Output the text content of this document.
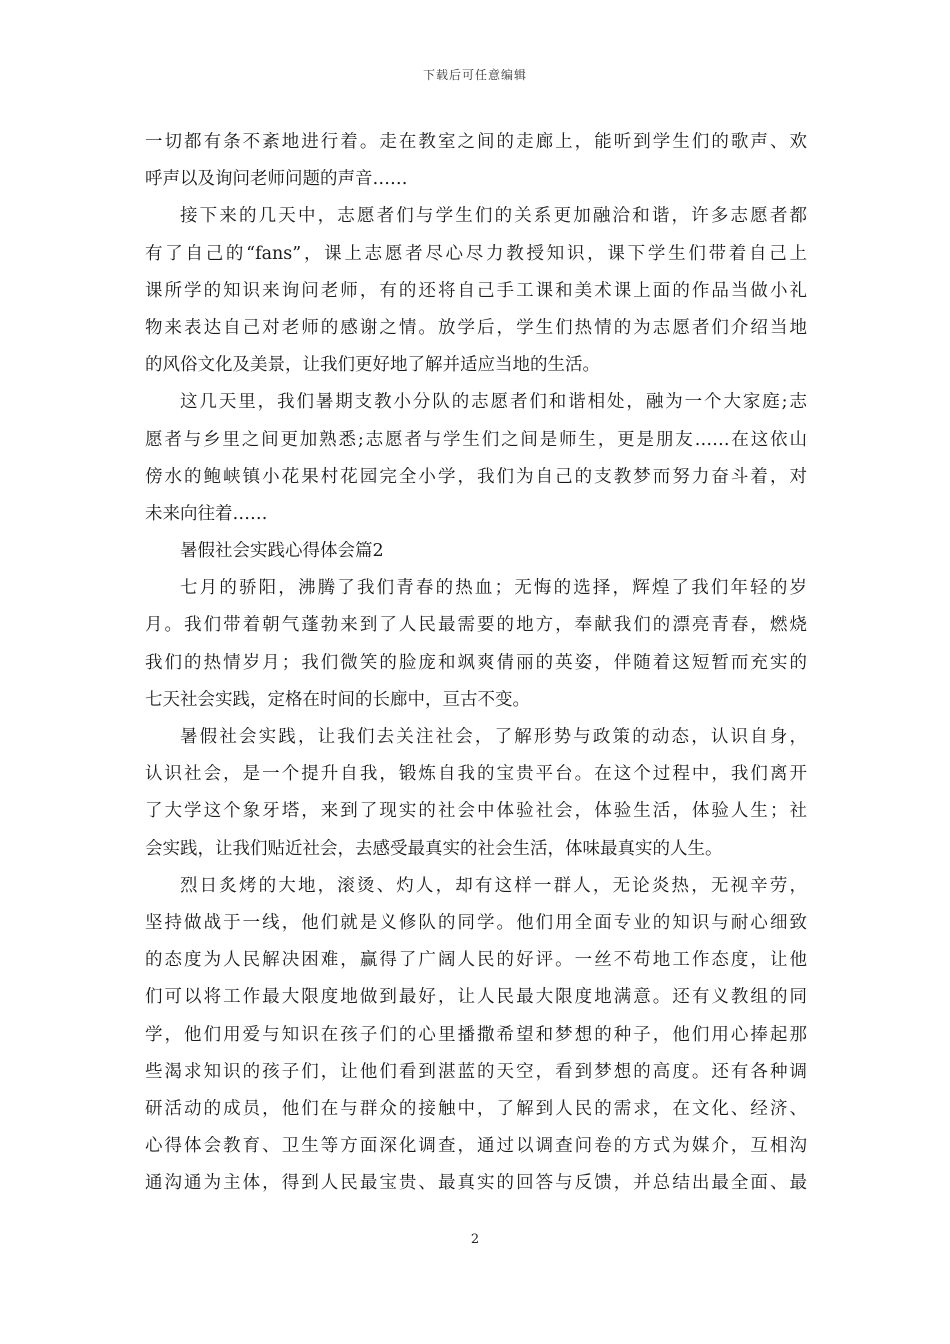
下载后可任意编辑
一切都有条不紊地进行着。走在教室之间的走廊上，能听到学生们的歌声、欢
呼声以及询问老师问题的声音……
接下来的几天中，志愿者们与学生们的关系更加融洽和谐，许多志愿者都
有了自己的“fans”，课上志愿者尽心尽力教授知识，课下学生们带着自己上
课所学的知识来询问老师，有的还将自己手工课和美术课上面的作品当做小礼
物来表达自己对老师的感谢之情。放学后，学生们热情的为志愿者们介绍当地
的风俗文化及美景，让我们更好地了解并适应当地的生活。
这几天里，我们暑期支教小分队的志愿者们和谐相处，融为一个大家庭;志
愿者与乡里之间更加熟悉;志愿者与学生们之间是师生，更是朋友……在这依山
傍水的鲍峡镇小花果村花园完全小学，我们为自己的支教梦而努力奋斗着，对
未来向往着……
暑假社会实践心得体会篇2
七月的骄阳，沸腾了我们青春的热血；无悔的选择，辉煌了我们年轻的岁
月。我们带着朝气蓬勃来到了人民最需要的地方，奉献我们的漂亮青春，燃烧
我们的热情岁月；我们微笑的脸庞和飒爽倩丽的英姿，伴随着这短暂而充实的
七天社会实践，定格在时间的长廊中，亘古不变。
暑假社会实践，让我们去关注社会，了解形势与政策的动态，认识自身，
认识社会，是一个提升自我，锻炼自我的宝贵平台。在这个过程中，我们离开
了大学这个象牙塔，来到了现实的社会中体验社会，体验生活，体验人生；社
会实践，让我们贴近社会，去感受最真实的社会生活，体味最真实的人生。
烈日炙烤的大地，滚烫、灼人，却有这样一群人，无论炎热，无视辛劳，
坚持做战于一线，他们就是义修队的同学。他们用全面专业的知识与耐心细致
的态度为人民解决困难，赢得了广阔人民的好评。一丝不苟地工作态度，让他
们可以将工作最大限度地做到最好，让人民最大限度地满意。还有义教组的同
学，他们用爱与知识在孩子们的心里播撒希望和梦想的种子，他们用心捧起那
些渴求知识的孩子们，让他们看到湛蓝的天空，看到梦想的高度。还有各种调
研活动的成员，他们在与群众的接触中，了解到人民的需求，在文化、经济、
心得体会教育、卫生等方面深化调查，通过以调查问卷的方式为媒介，互相沟
通沟通为主体，得到人民最宝贵、最真实的回答与反馈，并总结出最全面、最
2
